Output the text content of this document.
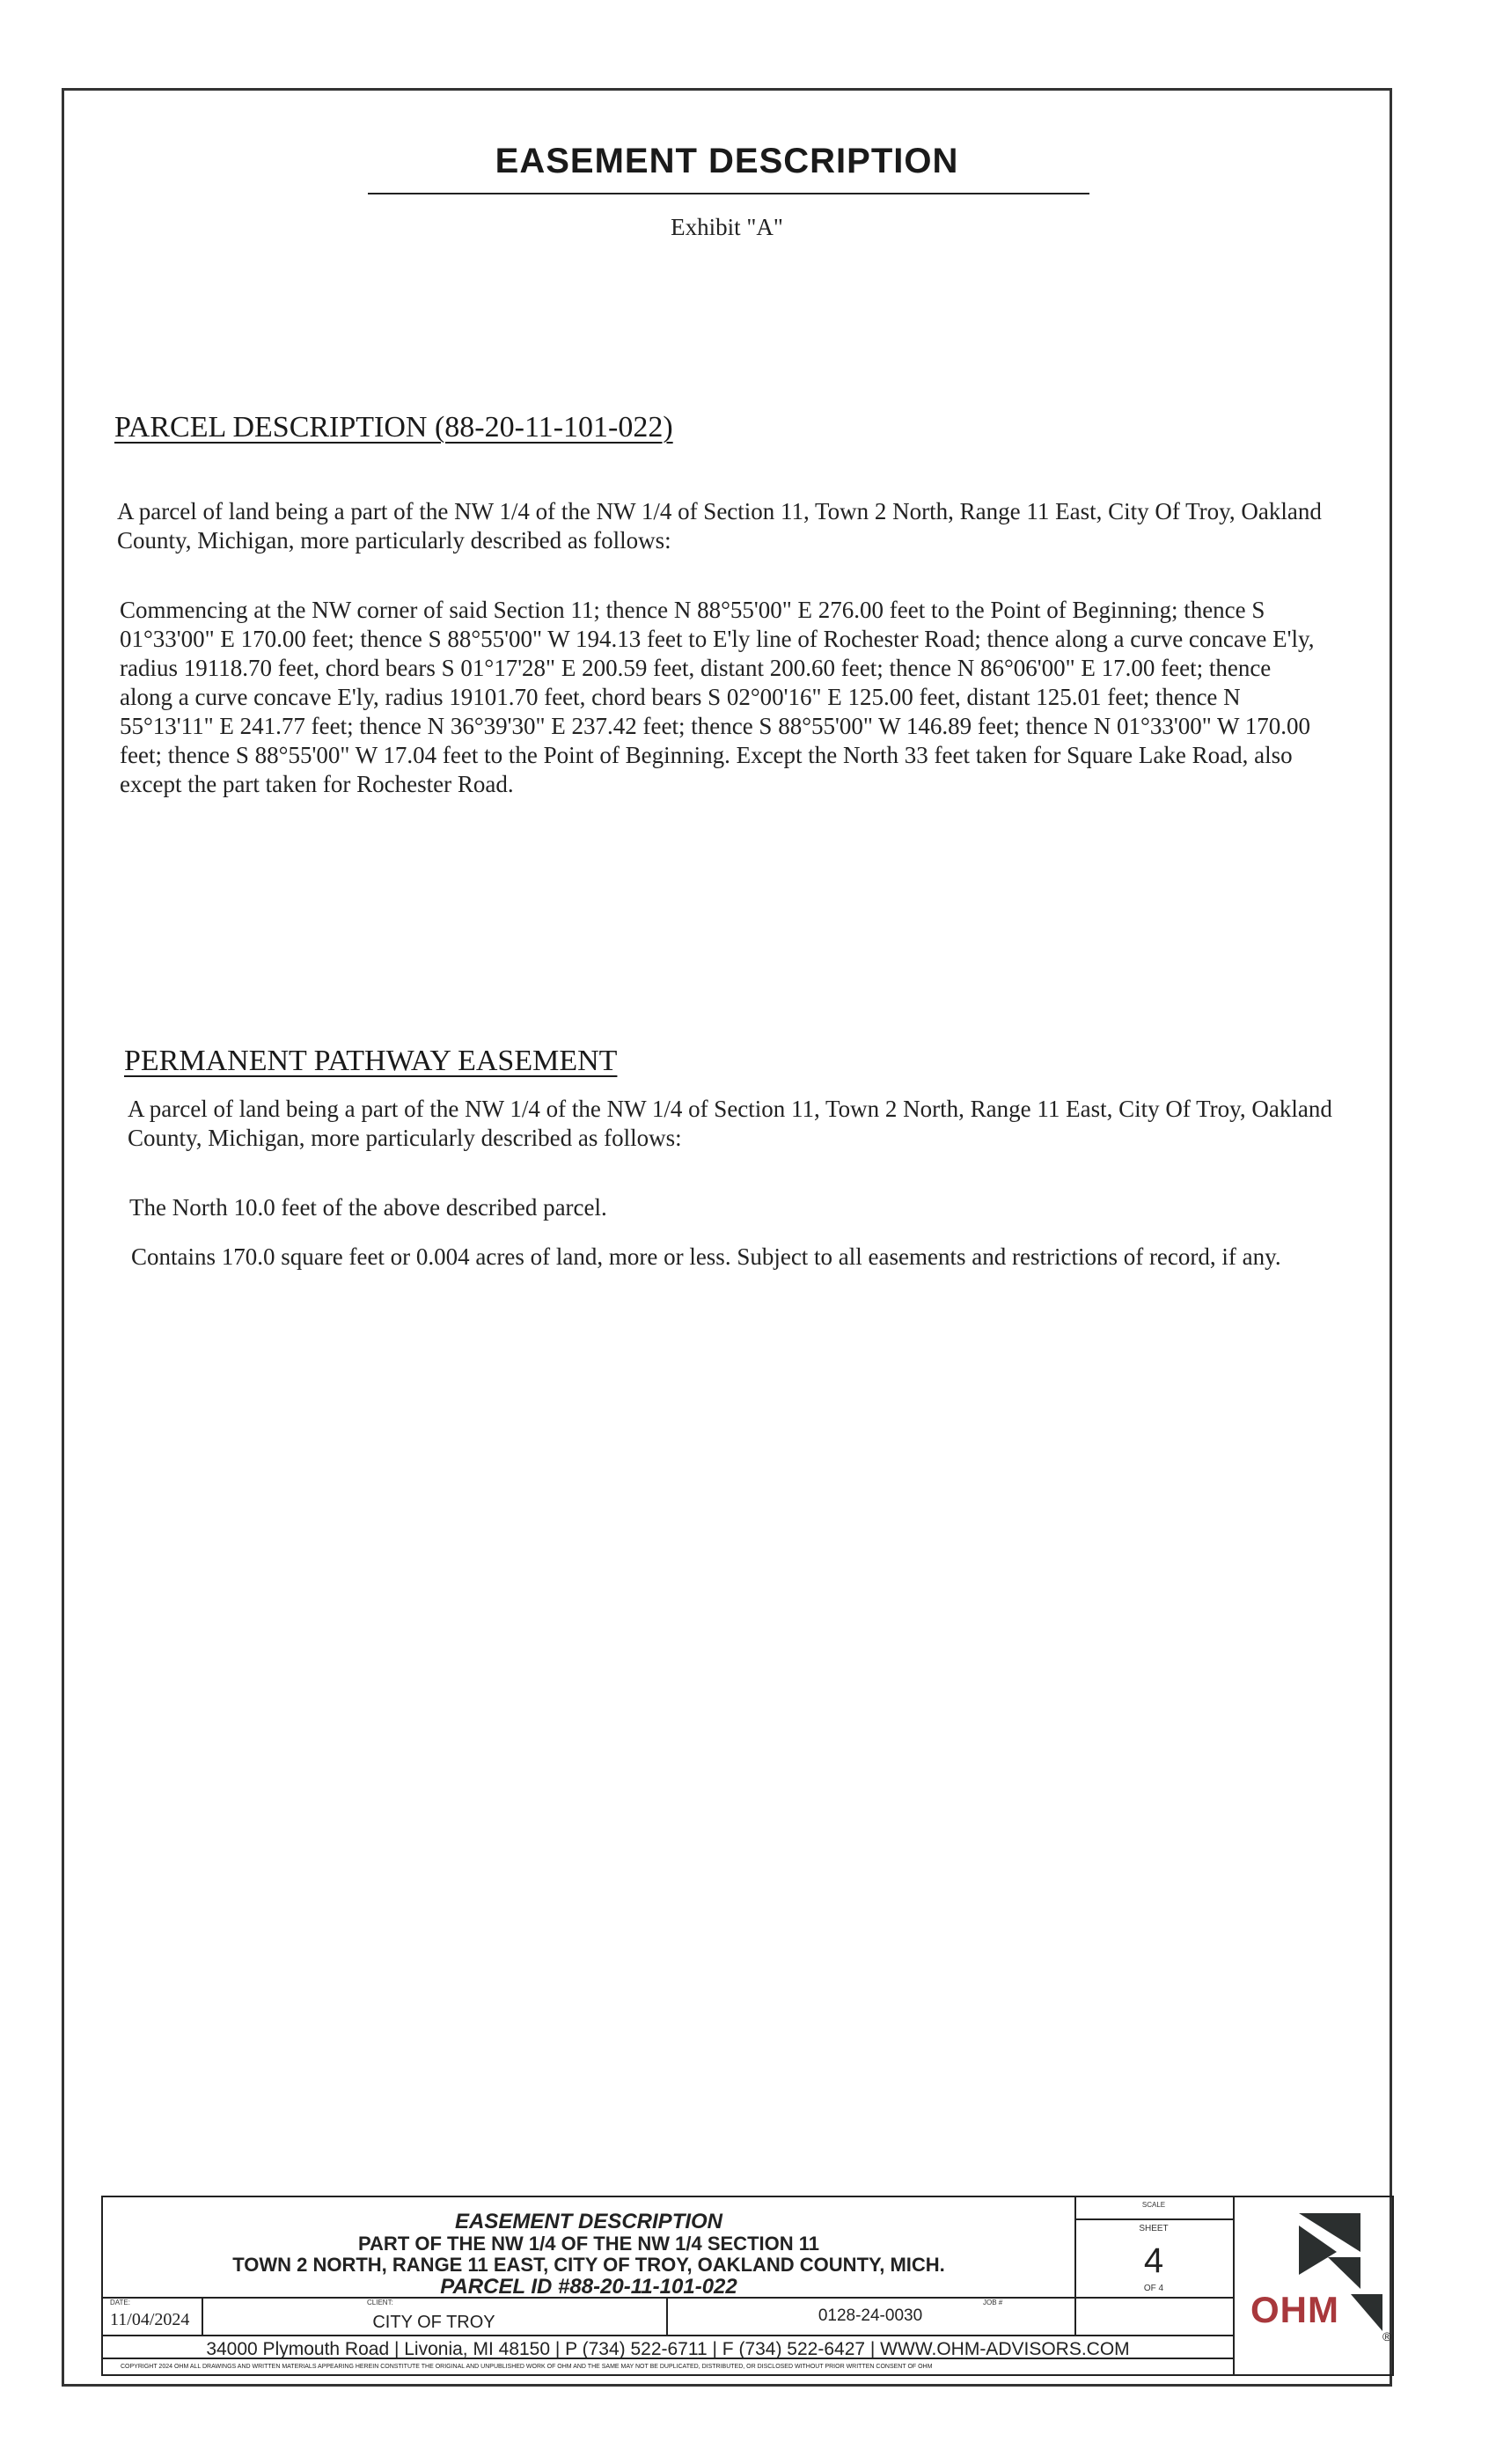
EASEMENT DESCRIPTION
Exhibit "A"
PARCEL DESCRIPTION (88-20-11-101-022)
A parcel of land being a part of the NW 1/4 of the NW 1/4 of Section 11, Town 2 North, Range 11 East, City Of Troy, Oakland County, Michigan, more particularly described as follows:
Commencing at the NW corner of said Section 11; thence N 88°55'00" E 276.00 feet to the Point of Beginning; thence S 01°33'00" E 170.00 feet; thence S 88°55'00" W 194.13 feet to E'ly line of Rochester Road; thence along a curve concave E'ly, radius 19118.70 feet, chord bears S 01°17'28" E 200.59 feet, distant 200.60 feet; thence N 86°06'00" E 17.00 feet; thence along a curve concave E'ly, radius 19101.70 feet, chord bears S 02°00'16" E 125.00 feet, distant 125.01 feet; thence N 55°13'11" E 241.77 feet; thence N 36°39'30" E 237.42 feet; thence S 88°55'00" W 146.89 feet; thence N 01°33'00" W 170.00 feet; thence S 88°55'00" W 17.04 feet to the Point of Beginning. Except the North 33 feet taken for Square Lake Road, also except the part taken for Rochester Road.
PERMANENT PATHWAY EASEMENT
A parcel of land being a part of the NW 1/4 of the NW 1/4 of Section 11, Town 2 North, Range 11 East, City Of Troy, Oakland County, Michigan, more particularly described as follows:
The North 10.0 feet of the above described parcel.
Contains 170.0 square feet or 0.004 acres of land, more or less. Subject to all easements and restrictions of record, if any.
EASEMENT DESCRIPTION
PART OF THE NW 1/4 OF THE NW 1/4 SECTION 11
TOWN 2 NORTH, RANGE 11 EAST, CITY OF TROY, OAKLAND COUNTY, MICH.
PARCEL ID #88-20-11-101-022
SCALE
SHEET
4
OF 4
DATE:
11/04/2024
CLIENT:
CITY OF TROY
JOB #
0128-24-0030
34000 Plymouth Road | Livonia, MI 48150 | P (734) 522-6711 | F (734) 522-6427 | WWW.OHM-ADVISORS.COM
COPYRIGHT 2024 OHM ALL DRAWINGS AND WRITTEN MATERIALS APPEARING HEREIN CONSTITUTE THE ORIGINAL AND UNPUBLISHED WORK OF OHM AND THE SAME MAY NOT BE DUPLICATED, DISTRIBUTED, OR DISCLOSED WITHOUT PRIOR WRITTEN CONSENT OF OHM
OHM
®
